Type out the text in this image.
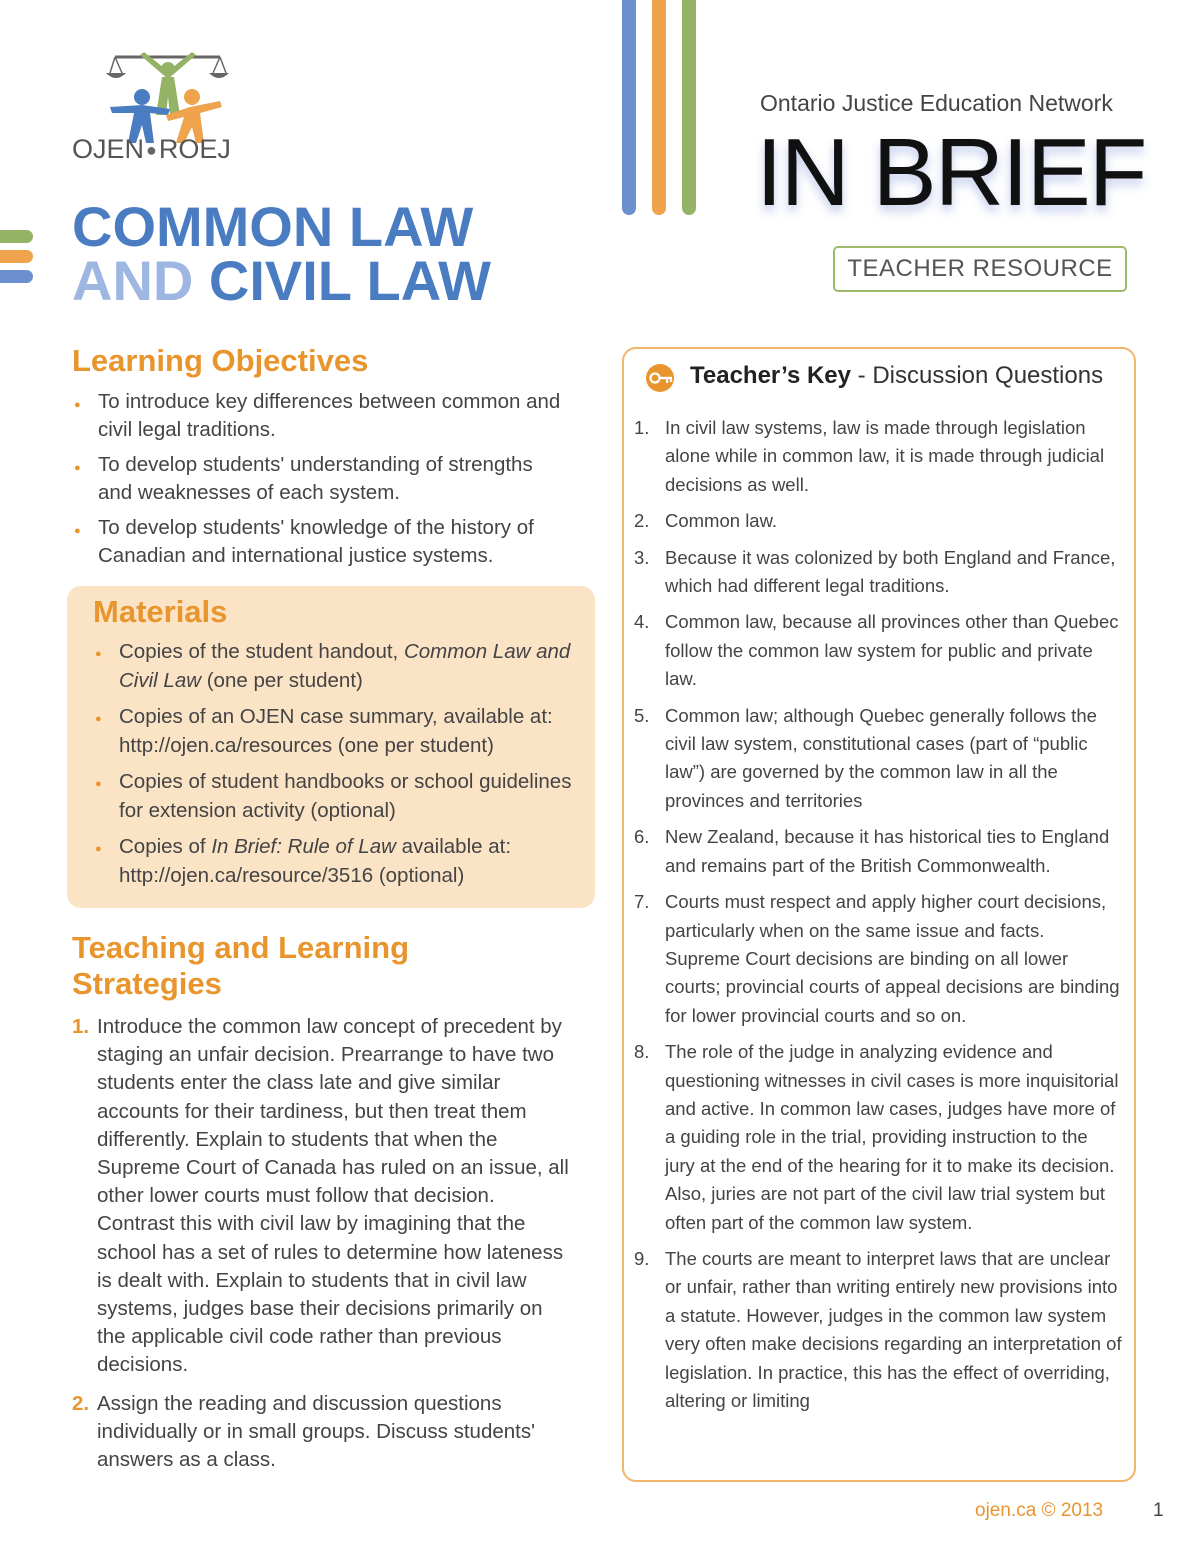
OJEN ●ROEJ
COMMON LAW
AND CIVIL LAW
Ontario Justice Education Network
IN BRIEF
TEACHER RESOURCE
Learning Objectives
● To introduce key differences between common and civil legal traditions.
● To develop students' understanding of strengths and weaknesses of each system.
● To develop students' knowledge of the history of Canadian and international justice systems.
Materials
● Copies of the student handout, Common Law and Civil Law (one per student)
● Copies of an OJEN case summary, available at: http://ojen.ca/resources (one per student)
● Copies of student handbooks or school guidelines for extension activity (optional)
● Copies of In Brief: Rule of Law available at: http://ojen.ca/resource/3516 (optional)
Teaching and Learning Strategies
1. Introduce the common law concept of precedent by staging an unfair decision. Prearrange to have two students enter the class late and give similar accounts for their tardiness, but then treat them differently. Explain to students that when the Supreme Court of Canada has ruled on an issue, all other lower courts must follow that decision. Contrast this with civil law by imagining that the school has a set of rules to determine how lateness is dealt with. Explain to students that in civil law systems, judges base their decisions primarily on the applicable civil code rather than previous decisions.
2. Assign the reading and discussion questions individually or in small groups. Discuss students' answers as a class.
Teacher’s Key - Discussion Questions
1. In civil law systems, law is made through legislation alone while in common law, it is made through judicial decisions as well.
2. Common law.
3. Because it was colonized by both England and France, which had different legal traditions.
4. Common law, because all provinces other than Quebec follow the common law system for public and private law.
5. Common law; although Quebec generally follows the civil law system, constitutional cases (part of “public law”) are governed by the common law in all the provinces and territories
6. New Zealand, because it has historical ties to England and remains part of the British Commonwealth.
7. Courts must respect and apply higher court decisions, particularly when on the same issue and facts. Supreme Court decisions are binding on all lower courts; provincial courts of appeal decisions are binding for lower provincial courts and so on.
8. The role of the judge in analyzing evidence and questioning witnesses in civil cases is more inquisitorial and active. In common law cases, judges have more of a guiding role in the trial, providing instruction to the jury at the end of the hearing for it to make its decision. Also, juries are not part of the civil law trial system but often part of the common law system.
9. The courts are meant to interpret laws that are unclear or unfair, rather than writing entirely new provisions into a statute. However, judges in the common law system very often make decisions regarding an interpretation of legislation. In practice, this has the effect of overriding, altering or limiting
ojen.ca © 2013	1
